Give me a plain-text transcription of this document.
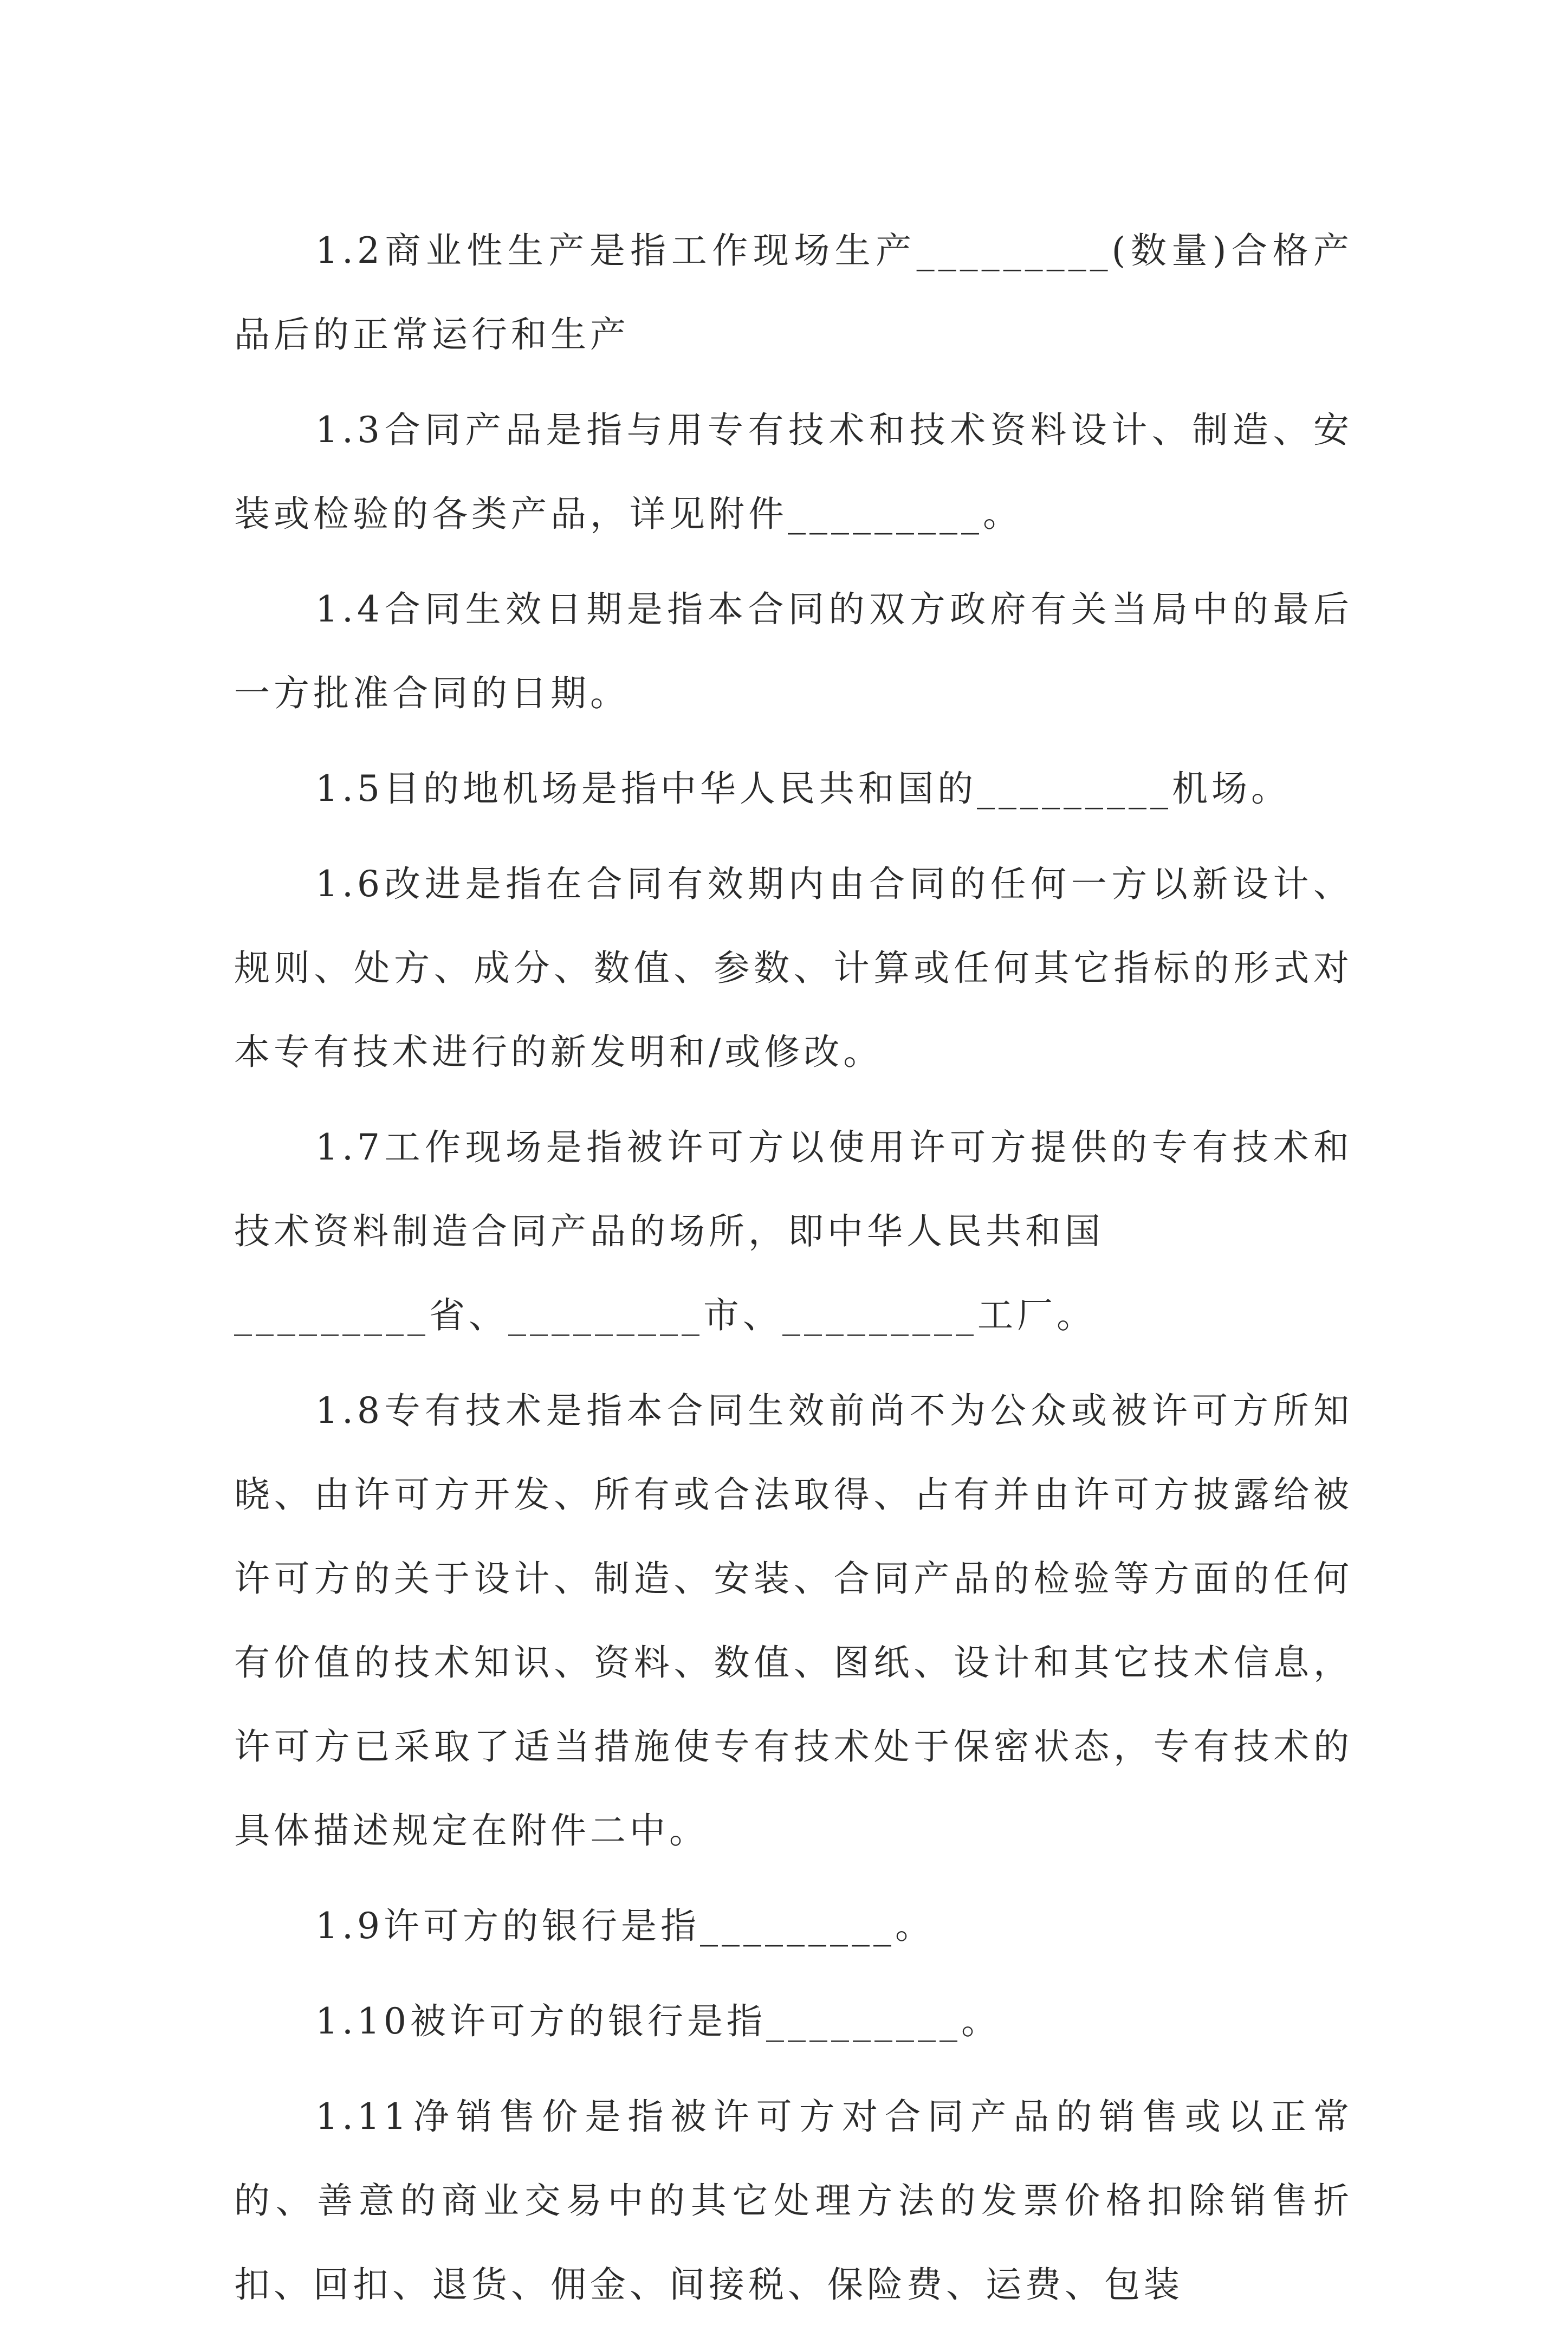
1.2商业性生产是指工作现场生产_________(数量)合格产品后的正常运行和生产

1.3合同产品是指与用专有技术和技术资料设计、制造、安装或检验的各类产品，详见附件_________。

1.4合同生效日期是指本合同的双方政府有关当局中的最后一方批准合同的日期。

1.5目的地机场是指中华人民共和国的_________机场。

1.6改进是指在合同有效期内由合同的任何一方以新设计、规则、处方、成分、数值、参数、计算或任何其它指标的形式对本专有技术进行的新发明和/或修改。

1.7工作现场是指被许可方以使用许可方提供的专有技术和技术资料制造合同产品的场所，即中华人民共和国

_________省、_________市、_________工厂。

1.8专有技术是指本合同生效前尚不为公众或被许可方所知晓、由许可方开发、所有或合法取得、占有并由许可方披露给被许可方的关于设计、制造、安装、合同产品的检验等方面的任何有价值的技术知识、资料、数值、图纸、设计和其它技术信息，许可方已采取了适当措施使专有技术处于保密状态，专有技术的具体描述规定在附件二中。

1.9许可方的银行是指_________。

1.10被许可方的银行是指_________。

1.11净销售价是指被许可方对合同产品的销售或以正常的、善意的商业交易中的其它处理方法的发票价格扣除销售折扣、回扣、退货、佣金、间接税、保险费、运费、包装
